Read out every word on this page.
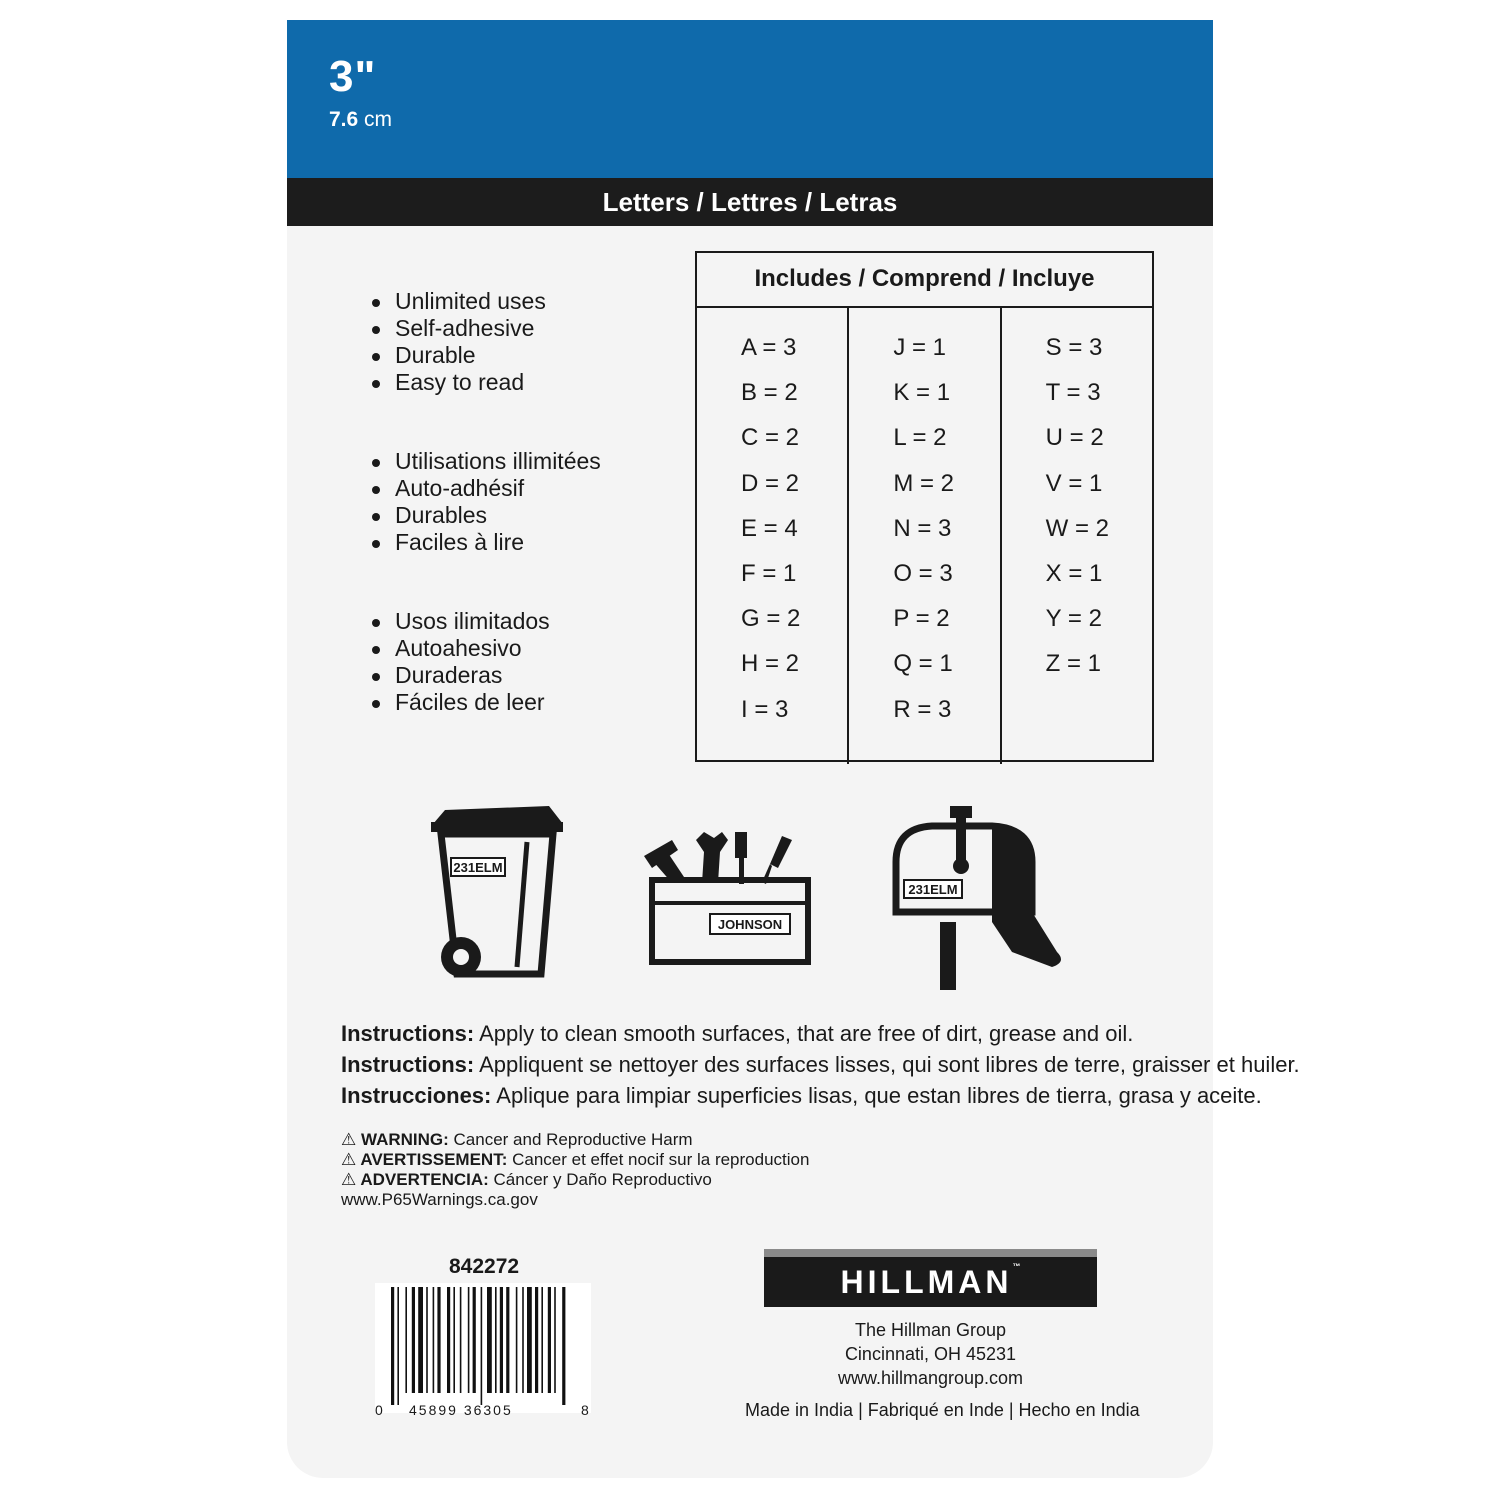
3"
7.6 cm
Letters / Lettres / Letras
Unlimited uses
Self-adhesive
Durable
Easy to read
Utilisations illimitées
Auto-adhésif
Durables
Faciles à lire
Usos ilimitados
Autoahesivo
Duraderas
Fáciles de leer
Includes / Comprend / Incluye
A = 3
B = 2
C = 2
D = 2
E = 4
F = 1
G = 2
H = 2
I = 3
J = 1
K = 1
L = 2
M = 2
N = 3
O = 3
P = 2
Q = 1
R = 3
S = 3
T = 3
U = 2
V = 1
W = 2
X = 1
Y = 2
Z = 1
231ELM
JOHNSON
231ELM
Instructions: Apply to clean smooth surfaces, that are free of dirt, grease and oil.
Instructions: Appliquent se nettoyer des surfaces lisses, qui sont libres de terre, graisser et huiler.
Instrucciones: Aplique para limpiar superficies lisas, que estan libres de tierra, grasa y aceite.
⚠ WARNING: Cancer and Reproductive Harm
⚠ AVERTISSEMENT: Cancer et effet nocif sur la reproduction
⚠ ADVERTENCIA: Cáncer y Daño Reproductivo
www.P65Warnings.ca.gov
842272
0 45899 36305	8
HILLMAN™
The Hillman Group
Cincinnati, OH 45231
www.hillmangroup.com
Made in India | Fabriqué en Inde | Hecho en India
